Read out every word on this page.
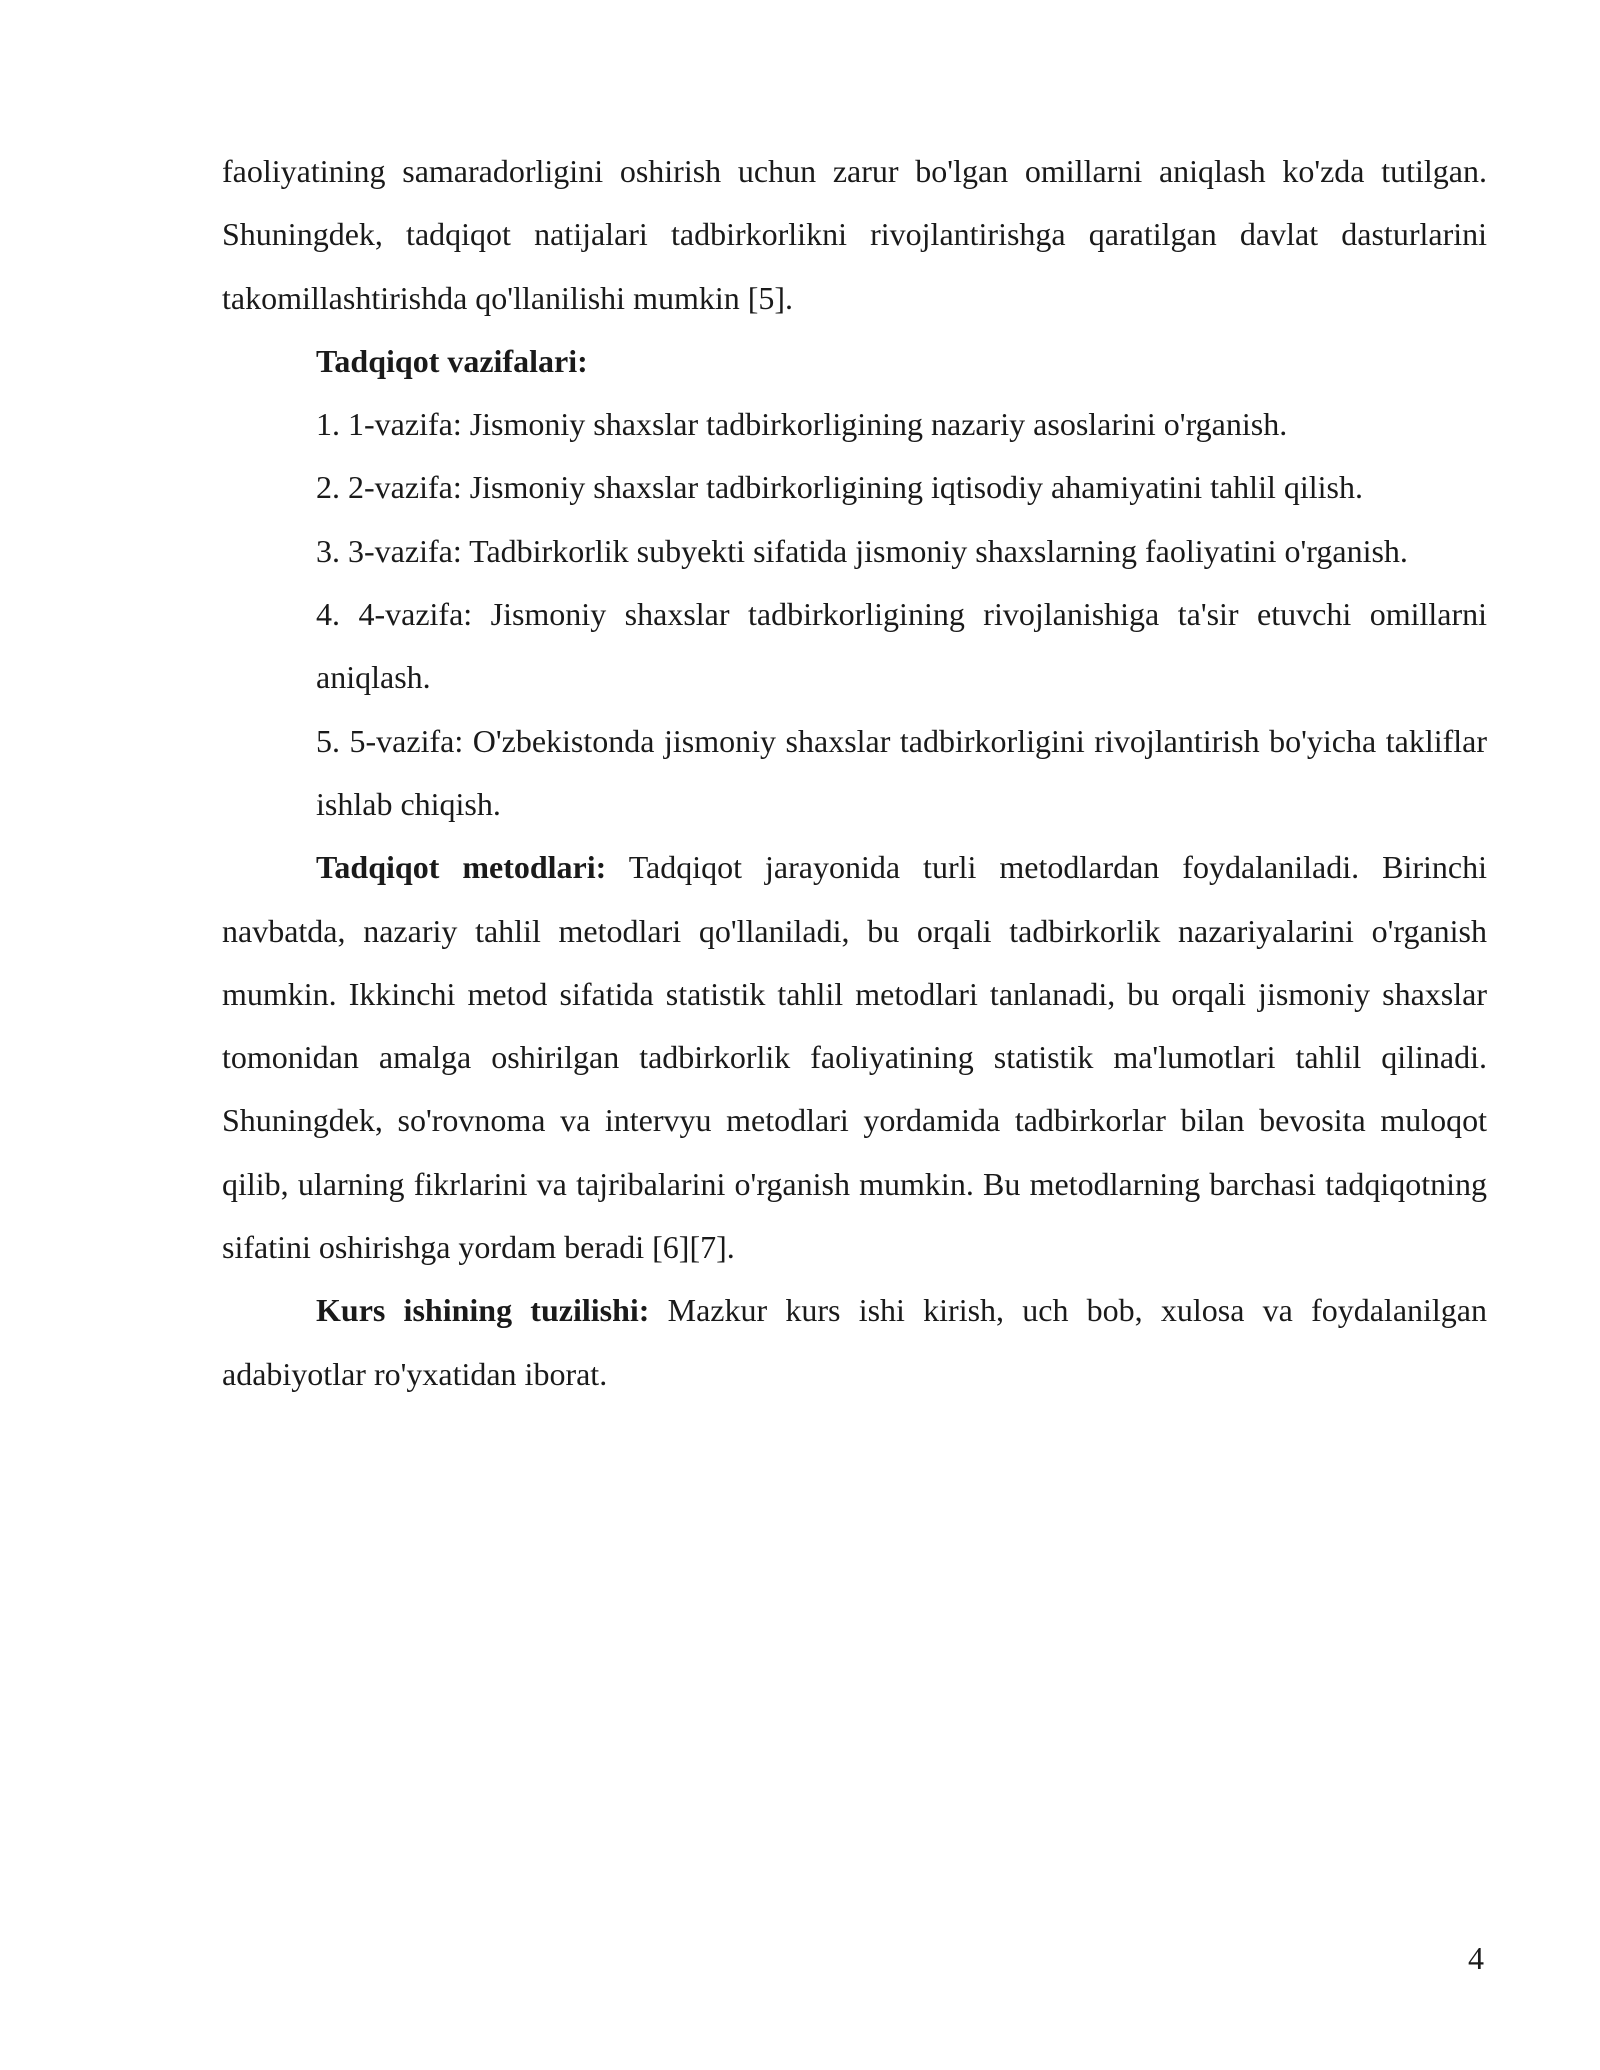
faoliyatining samaradorligini oshirish uchun zarur bo'lgan omillarni aniqlash ko'zda tutilgan. Shuningdek, tadqiqot natijalari tadbirkorlikni rivojlantirishga qaratilgan davlat dasturlarini takomillashtirishda qo'llanilishi mumkin [5].

Tadqiqot vazifalari:

1. 1-vazifa: Jismoniy shaxslar tadbirkorligining nazariy asoslarini o'rganish.

2. 2-vazifa: Jismoniy shaxslar tadbirkorligining iqtisodiy ahamiyatini tahlil qilish.

3. 3-vazifa: Tadbirkorlik subyekti sifatida jismoniy shaxslarning faoliyatini o'rganish.

4. 4-vazifa: Jismoniy shaxslar tadbirkorligining rivojlanishiga ta'sir etuvchi omillarni aniqlash.

5. 5-vazifa: O'zbekistonda jismoniy shaxslar tadbirkorligini rivojlantirish bo'yicha takliflar ishlab chiqish.

Tadqiqot metodlari: Tadqiqot jarayonida turli metodlardan foydalaniladi. Birinchi navbatda, nazariy tahlil metodlari qo'llaniladi, bu orqali tadbirkorlik nazariyalarini o'rganish mumkin. Ikkinchi metod sifatida statistik tahlil metodlari tanlanadi, bu orqali jismoniy shaxslar tomonidan amalga oshirilgan tadbirkorlik faoliyatining statistik ma'lumotlari tahlil qilinadi. Shuningdek, so'rovnoma va intervyu metodlari yordamida tadbirkorlar bilan bevosita muloqot qilib, ularning fikrlarini va tajribalarini o'rganish mumkin. Bu metodlarning barchasi tadqiqotning sifatini oshirishga yordam beradi [6][7].

Kurs ishining tuzilishi: Mazkur kurs ishi kirish, uch bob, xulosa va foydalanilgan adabiyotlar ro'yxatidan iborat.

4
